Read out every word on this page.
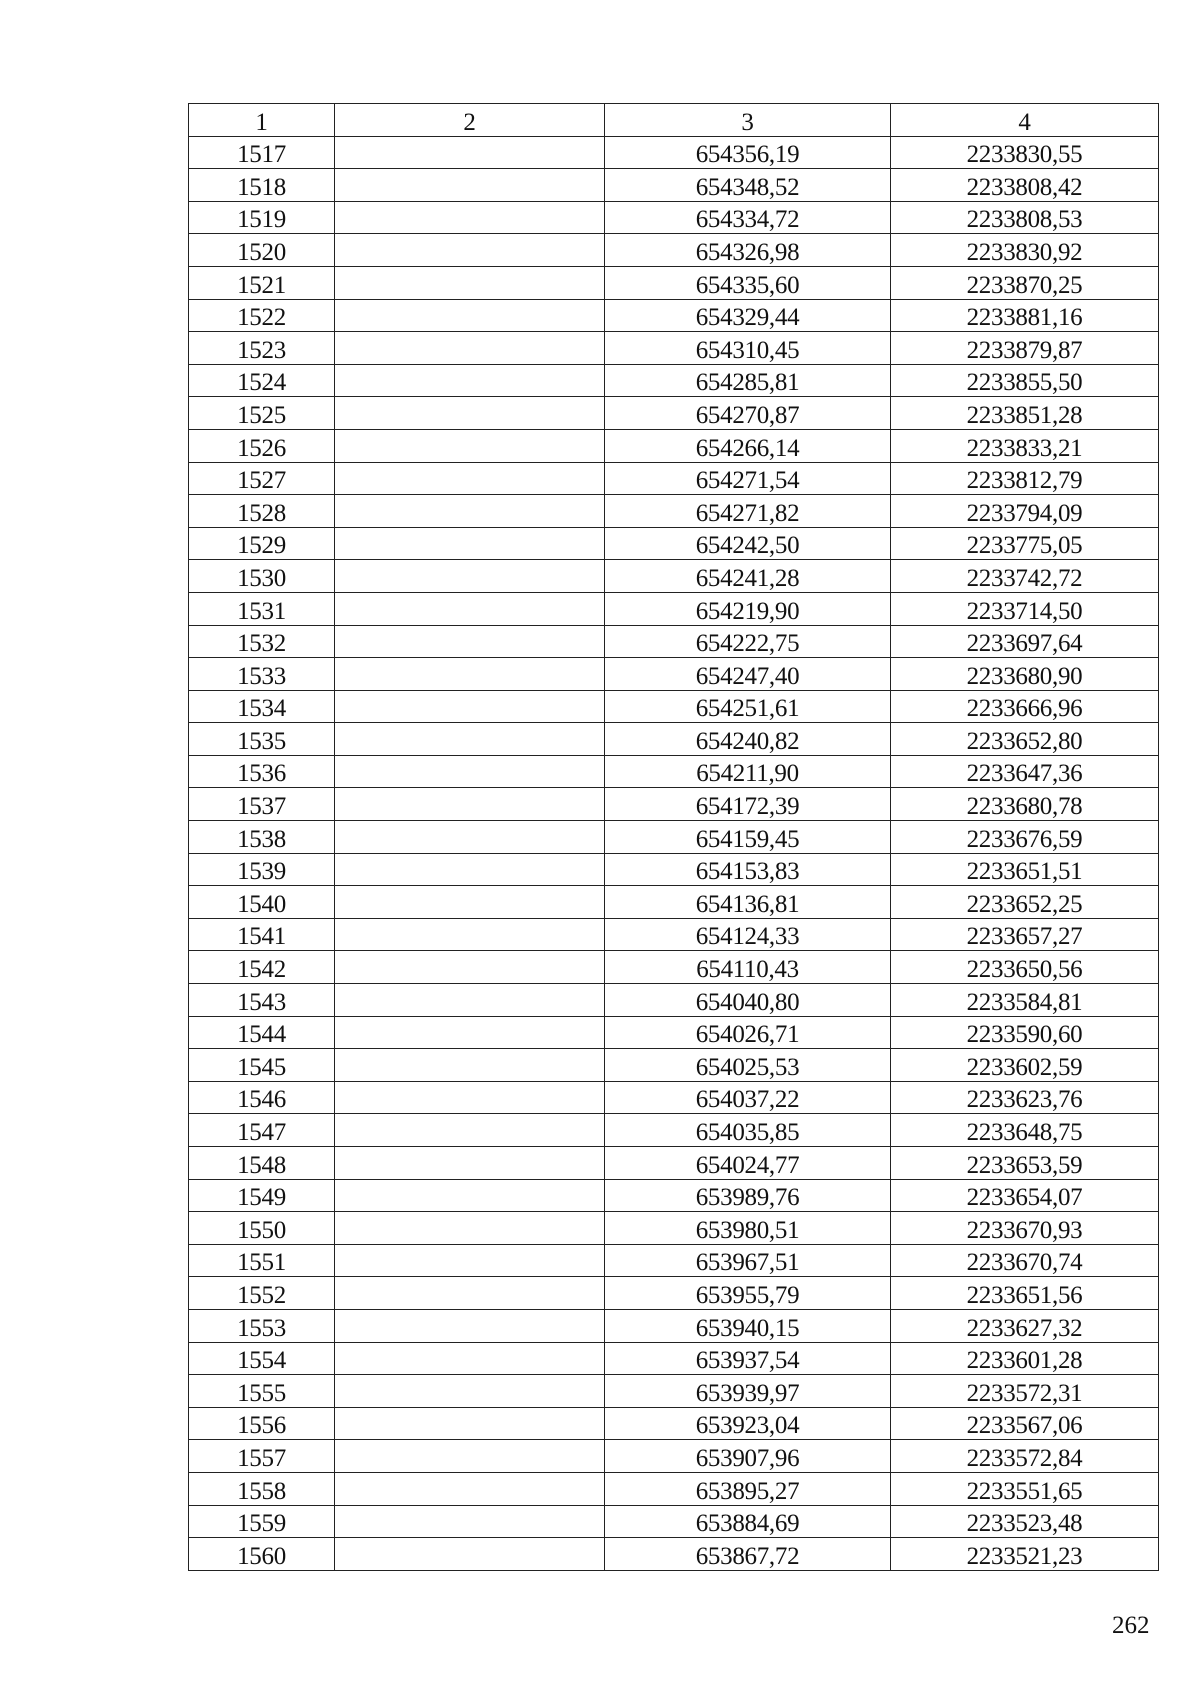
1	2	3	4
1517		654356,19	2233830,55
1518		654348,52	2233808,42
1519		654334,72	2233808,53
1520		654326,98	2233830,92
1521		654335,60	2233870,25
1522		654329,44	2233881,16
1523		654310,45	2233879,87
1524		654285,81	2233855,50
1525		654270,87	2233851,28
1526		654266,14	2233833,21
1527		654271,54	2233812,79
1528		654271,82	2233794,09
1529		654242,50	2233775,05
1530		654241,28	2233742,72
1531		654219,90	2233714,50
1532		654222,75	2233697,64
1533		654247,40	2233680,90
1534		654251,61	2233666,96
1535		654240,82	2233652,80
1536		654211,90	2233647,36
1537		654172,39	2233680,78
1538		654159,45	2233676,59
1539		654153,83	2233651,51
1540		654136,81	2233652,25
1541		654124,33	2233657,27
1542		654110,43	2233650,56
1543		654040,80	2233584,81
1544		654026,71	2233590,60
1545		654025,53	2233602,59
1546		654037,22	2233623,76
1547		654035,85	2233648,75
1548		654024,77	2233653,59
1549		653989,76	2233654,07
1550		653980,51	2233670,93
1551		653967,51	2233670,74
1552		653955,79	2233651,56
1553		653940,15	2233627,32
1554		653937,54	2233601,28
1555		653939,97	2233572,31
1556		653923,04	2233567,06
1557		653907,96	2233572,84
1558		653895,27	2233551,65
1559		653884,69	2233523,48
1560		653867,72	2233521,23
262
